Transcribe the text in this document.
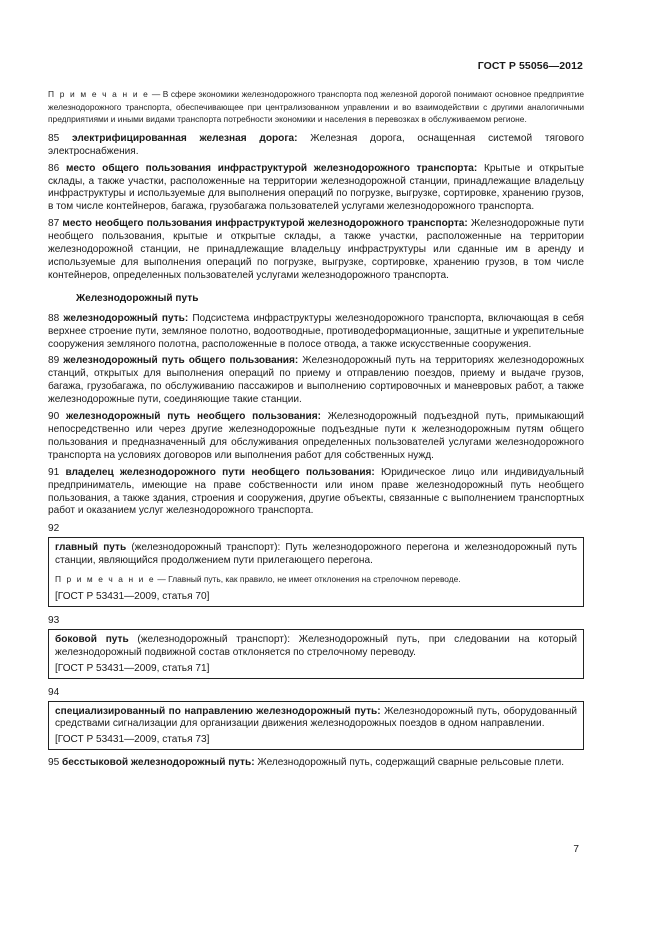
ГОСТ Р 55056—2012

П р и м е ч а н и е — В сфере экономики железнодорожного транспорта под железной дорогой понимают основное предприятие железнодорожного транспорта, обеспечивающее при централизованном управлении и во взаимодействии с другими аналогичными предприятиями и иными видами транспорта потребности экономики и населения в перевозках в обслуживаемом регионе.

85 электрифицированная железная дорога: Железная дорога, оснащенная системой тягового электроснабжения.

86 место общего пользования инфраструктурой железнодорожного транспорта: Крытые и открытые склады, а также участки, расположенные на территории железнодорожной станции, принадлежащие владельцу инфраструктуры и используемые для выполнения операций по погрузке, выгрузке, сортировке, хранению грузов, в том числе контейнеров, багажа, грузобагажа пользователей услугами железнодорожного транспорта.

87 место необщего пользования инфраструктурой железнодорожного транспорта: Железнодорожные пути необщего пользования, крытые и открытые склады, а также участки, расположенные на территории железнодорожной станции, не принадлежащие владельцу инфраструктуры или сданные им в аренду и используемые для выполнения операций по погрузке, выгрузке, сортировке, хранению грузов, в том числе контейнеров, определенных пользователей услугами железнодорожного транспорта.

Железнодорожный путь

88 железнодорожный путь: Подсистема инфраструктуры железнодорожного транспорта, включающая в себя верхнее строение пути, земляное полотно, водоотводные, противодеформационные, защитные и укрепительные сооружения земляного полотна, расположенные в полосе отвода, а также искусственные сооружения.

89 железнодорожный путь общего пользования: Железнодорожный путь на территориях железнодорожных станций, открытых для выполнения операций по приему и отправлению поездов, приему и выдаче грузов, багажа, грузобагажа, по обслуживанию пассажиров и выполнению сортировочных и маневровых работ, а также железнодорожные пути, соединяющие такие станции.

90 железнодорожный путь необщего пользования: Железнодорожный подъездной путь, примыкающий непосредственно или через другие железнодорожные подъездные пути к железнодорожным путям общего пользования и предназначенный для обслуживания определенных пользователей услугами железнодорожного транспорта на условиях договоров или выполнения работ для собственных нужд.

91 владелец железнодорожного пути необщего пользования: Юридическое лицо или индивидуальный предприниматель, имеющие на праве собственности или ином праве железнодорожный путь необщего пользования, а также здания, строения и сооружения, другие объекты, связанные с выполнением транспортных работ и оказанием услуг железнодорожного транспорта.

92

главный путь (железнодорожный транспорт): Путь железнодорожного перегона и железнодорожный путь станции, являющийся продолжением пути прилегающего перегона.

П р и м е ч а н и е — Главный путь, как правило, не имеет отклонения на стрелочном переводе.

[ГОСТ Р 53431—2009, статья 70]
93

боковой путь (железнодорожный транспорт): Железнодорожный путь, при следовании на который железнодорожный подвижной состав отклоняется по стрелочному переводу.

[ГОСТ Р 53431—2009, статья 71]
94

специализированный по направлению железнодорожный путь: Железнодорожный путь, оборудованный средствами сигнализации для организации движения железнодорожных поездов в одном направлении.

[ГОСТ Р 53431—2009, статья 73]

95 бесстыковой железнодорожный путь: Железнодорожный путь, содержащий сварные рельсовые плети.

7
